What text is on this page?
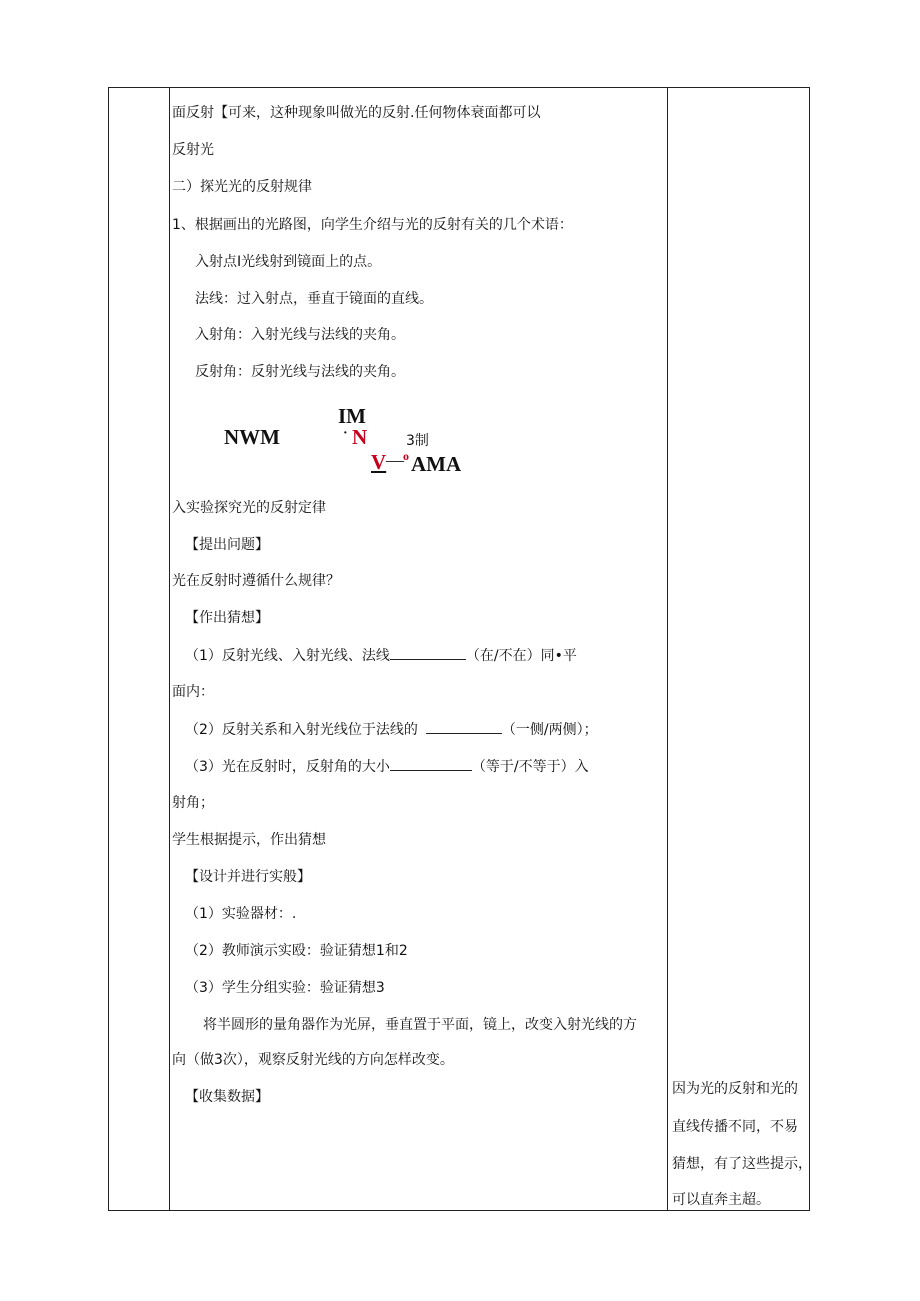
面反射【可来，这种现象叫做光的反射.任何物体衰面都可以
反射光
二）探光光的反射规律
1、根据画出的光路图，向学生介绍与光的反射有关的几个术语：
入射点I光线射到镜面上的点。
法线：过入射点，垂直于镜面的直线。
入射角：入射光线与法线的夹角。
反射角：反射光线与法线的夹角。
NWM
IM
· N	3制
V — o AMA
入实验探究光的反射定律
【提出问题】
光在反射时遵循什么规律？
【作出猜想】
（1）反射光线、入射光线、法线	（在/不在）同•平
面内：
（2）反射关系和入射光线位于法线的	（一侧/两侧）；
（3）光在反射时，反射角的大小	（等于/不等于）入
射角；
学生根据提示，作出猜想
【设计并进行实般】
（1）实验器材：.
（2）教师演示实殴：验证猜想1和2
（3）学生分组实验：验证猜想3
将半圆形的量角器作为光屏，垂直置于平面，镜上，改变入射光线的方
向（做3次），观察反射光线的方向怎样改变。
【收集数据】	因为光的反射和光的
直线传播不同，不易
猜想，有了这些提示，
可以直奔主超。
